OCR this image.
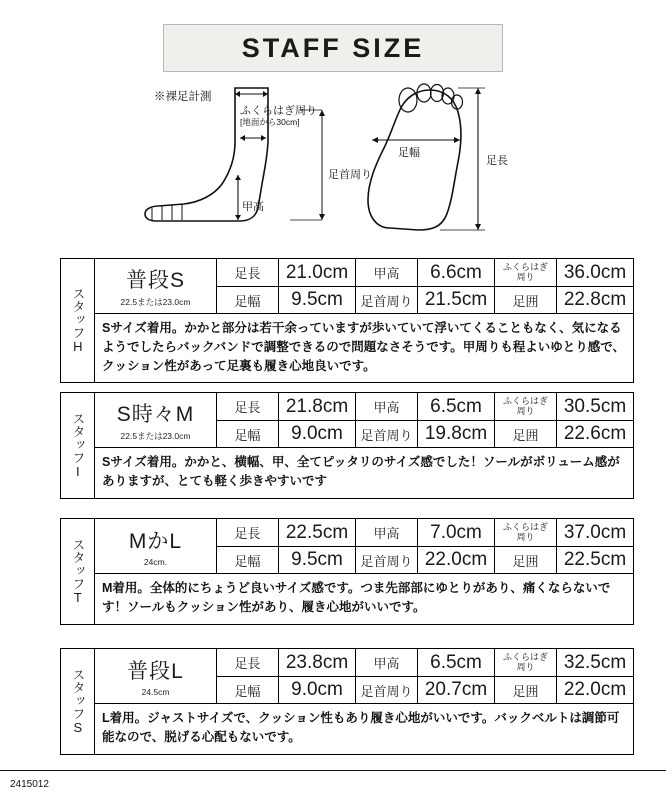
STAFF SIZE
※裸足計測
ふくらはぎ周り
[地面から30cm]
足首周り
甲高
足幅
足長
スタッフH
普段S
22.5または23.0cm
足長	21.0cm	甲高	6.6cm	ふくらはぎ
周り	36.0cm
足幅	9.5cm	足首周り 21.5cm	足囲	22.8cm
Sサイズ着用。かかと部分は若干余っていますが歩いていて浮いてくることもなく、気になるようでしたらバックバンドで調整できるので問題なさそうです。甲周りも程よいゆとり感で、クッション性があって足裏も履き心地良いです。
スタッフI	S時々M
22.5または23.0cm
足長	21.8cm	甲高	6.5cm	ふくらはぎ
周り	30.5cm
足幅	9.0cm	足首周り 19.8cm	足囲	22.6cm
Sサイズ着用。かかと、横幅、甲、全てピッタリのサイズ感でした！ソールがボリューム感がありますが、とても軽く歩きやすいです
スタッフT	MかL
24cm.
足長	22.5cm	甲高	7.0cm	ふくらはぎ
周り	37.0cm
足幅	9.5cm	足首周り 22.0cm	足囲	22.5cm
M着用。全体的にちょうど良いサイズ感です。つま先部部にゆとりがあり、痛くならないです！ソールもクッション性があり、履き心地がいいです。
スタッフS	普段L
24.5cm
足長	23.8cm	甲高	6.5cm	ふくらはぎ
周り	32.5cm
足幅	9.0cm	足首周り 20.7cm	足囲	22.0cm
L着用。ジャストサイズで、クッション性もあり履き心地がいいです。バックベルトは調節可能なので、脱げる心配もないです。
2415012
